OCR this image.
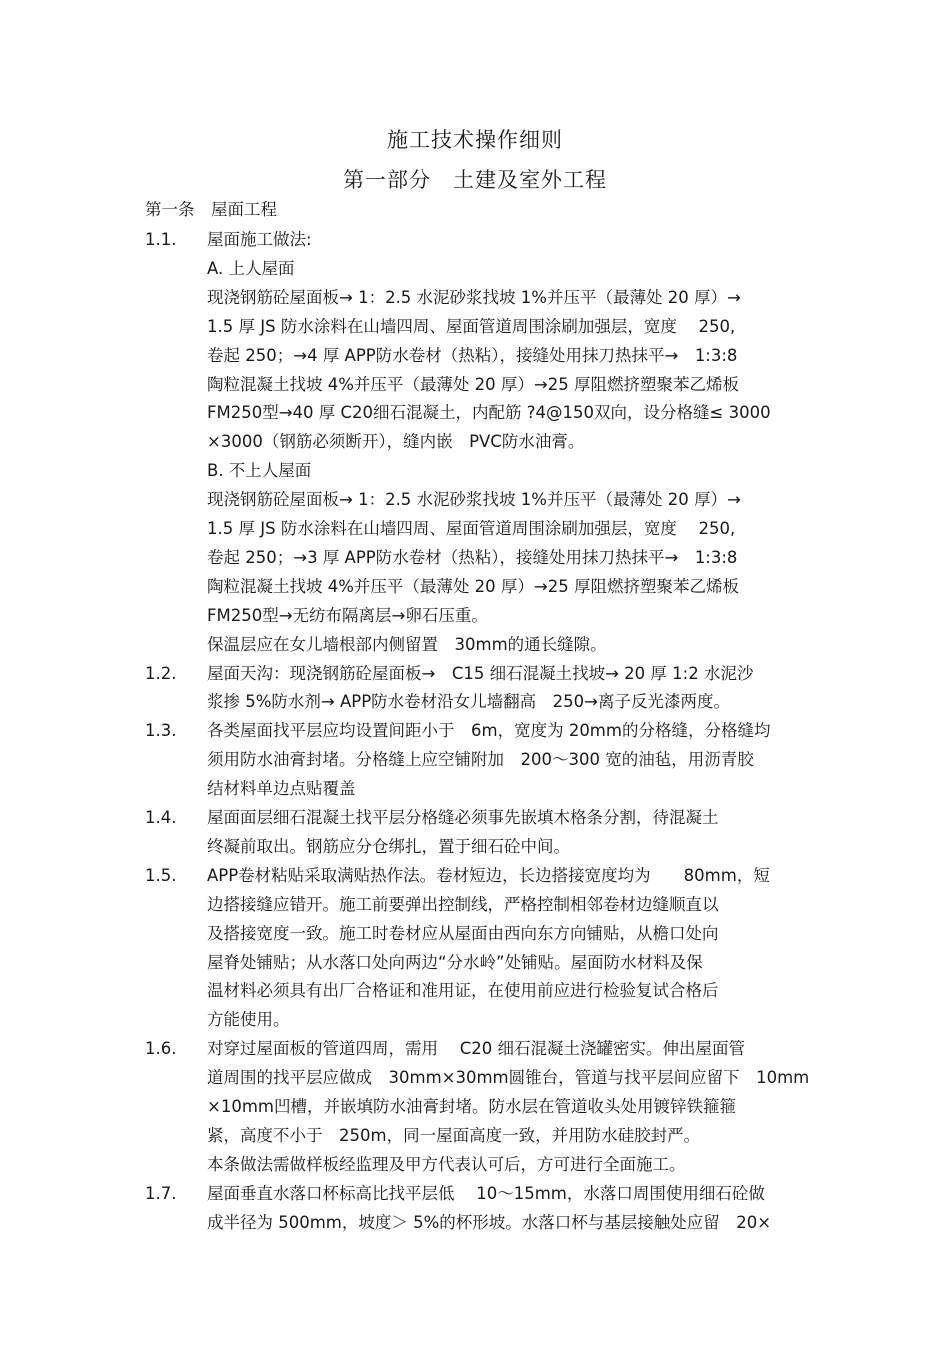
施工技术操作细则
第一部分　土建及室外工程
第一条　屋面工程
1.1. 屋面施工做法:
A. 上人屋面
现浇钢筋砼屋面板→ 1：2.5 水泥砂浆找坡 1%并压平（最薄处 20 厚）→
1.5 厚 JS 防水涂料在山墙四周、屋面管道周围涂刷加强层，宽度　 250,
卷起 250；→4 厚 APP防水卷材（热粘），接缝处用抹刀热抹平→　1:3:8
陶粒混凝土找坡 4%并压平（最薄处 20 厚）→25 厚阻燃挤塑聚苯乙烯板
FM250型→40 厚 C20细石混凝土，内配筋 ?4@150双向，设分格缝≤ 3000
×3000（钢筋必须断开），缝内嵌　PVC防水油膏。
B. 不上人屋面
现浇钢筋砼屋面板→ 1：2.5 水泥砂浆找坡 1%并压平（最薄处 20 厚）→
1.5 厚 JS 防水涂料在山墙四周、屋面管道周围涂刷加强层，宽度　 250,
卷起 250；→3 厚 APP防水卷材（热粘），接缝处用抹刀热抹平→　1:3:8
陶粒混凝土找坡 4%并压平（最薄处 20 厚）→25 厚阻燃挤塑聚苯乙烯板
FM250型→无纺布隔离层→卵石压重。
保温层应在女儿墙根部内侧留置　30mm的通长缝隙。
1.2. 屋面天沟：现浇钢筋砼屋面板→　C15 细石混凝土找坡→ 20 厚 1:2 水泥沙
浆掺 5%防水剂→ APP防水卷材沿女儿墙翻高　250→离子反光漆两度。
1.3. 各类屋面找平层应均设置间距小于　6m，宽度为 20mm的分格缝，分格缝均
须用防水油膏封堵。分格缝上应空铺附加　200～300 宽的油毡，用沥青胶
结材料单边点贴覆盖
1.4. 屋面面层细石混凝土找平层分格缝必须事先嵌填木格条分割，待混凝土
终凝前取出。钢筋应分仓绑扎，置于细石砼中间。
1.5. APP卷材粘贴采取满贴热作法。卷材短边，长边搭接宽度均为　　80mm，短
边搭接缝应错开。施工前要弹出控制线，严格控制相邻卷材边缝顺直以
及搭接宽度一致。施工时卷材应从屋面由西向东方向铺贴，从檐口处向
屋脊处铺贴；从水落口处向两边“分水岭”处铺贴。屋面防水材料及保
温材料必须具有出厂合格证和准用证，在使用前应进行检验复试合格后
方能使用。
1.6. 对穿过屋面板的管道四周，需用　 C20 细石混凝土浇罐密实。伸出屋面管
道周围的找平层应做成　30mm×30mm圆锥台，管道与找平层间应留下　10mm
×10mm凹槽，并嵌填防水油膏封堵。防水层在管道收头处用镀锌铁箍箍
紧，高度不小于　250m，同一屋面高度一致，并用防水硅胶封严。
本条做法需做样板经监理及甲方代表认可后，方可进行全面施工。
1.7. 屋面垂直水落口杯标高比找平层低　 10～15mm，水落口周围使用细石砼做
成半径为 500mm，坡度＞ 5%的杯形坡。水落口杯与基层接触处应留　20×
